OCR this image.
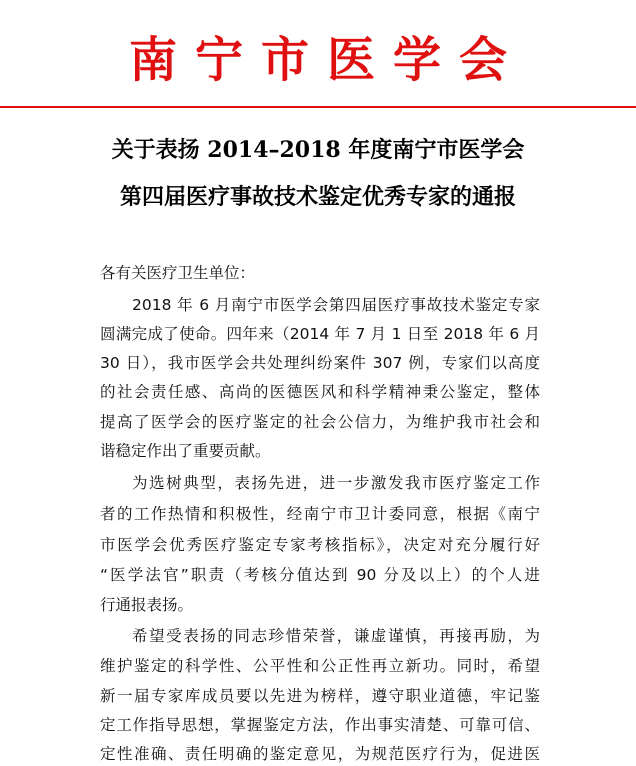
南宁市医学会
关于表扬 2014–2018 年度南宁市医学会
第四届医疗事故技术鉴定优秀专家的通报
各有关医疗卫生单位：
2018 年 6 月南宁市医学会第四届医疗事故技术鉴定专家
圆满完成了使命。四年来（2014 年 7 月 1 日至 2018 年 6 月
30 日），我市医学会共处理纠纷案件 307 例，专家们以高度
的社会责任感、高尚的医德医风和科学精神秉公鉴定，整体
提高了医学会的医疗鉴定的社会公信力，为维护我市社会和
谐稳定作出了重要贡献。
为选树典型，表扬先进，进一步激发我市医疗鉴定工作
者的工作热情和积极性，经南宁市卫计委同意，根据《南宁
市医学会优秀医疗鉴定专家考核指标》，决定对充分履行好
“医学法官”职责（考核分值达到 90 分及以上）的个人进
行通报表扬。
希望受表扬的同志珍惜荣誉，谦虚谨慎，再接再励，为
维护鉴定的科学性、公平性和公正性再立新功。同时，希望
新一届专家库成员要以先进为榜样，遵守职业道德，牢记鉴
定工作指导思想，掌握鉴定方法，作出事实清楚、可靠可信、
定性准确、责任明确的鉴定意见，为规范医疗行为，促进医
